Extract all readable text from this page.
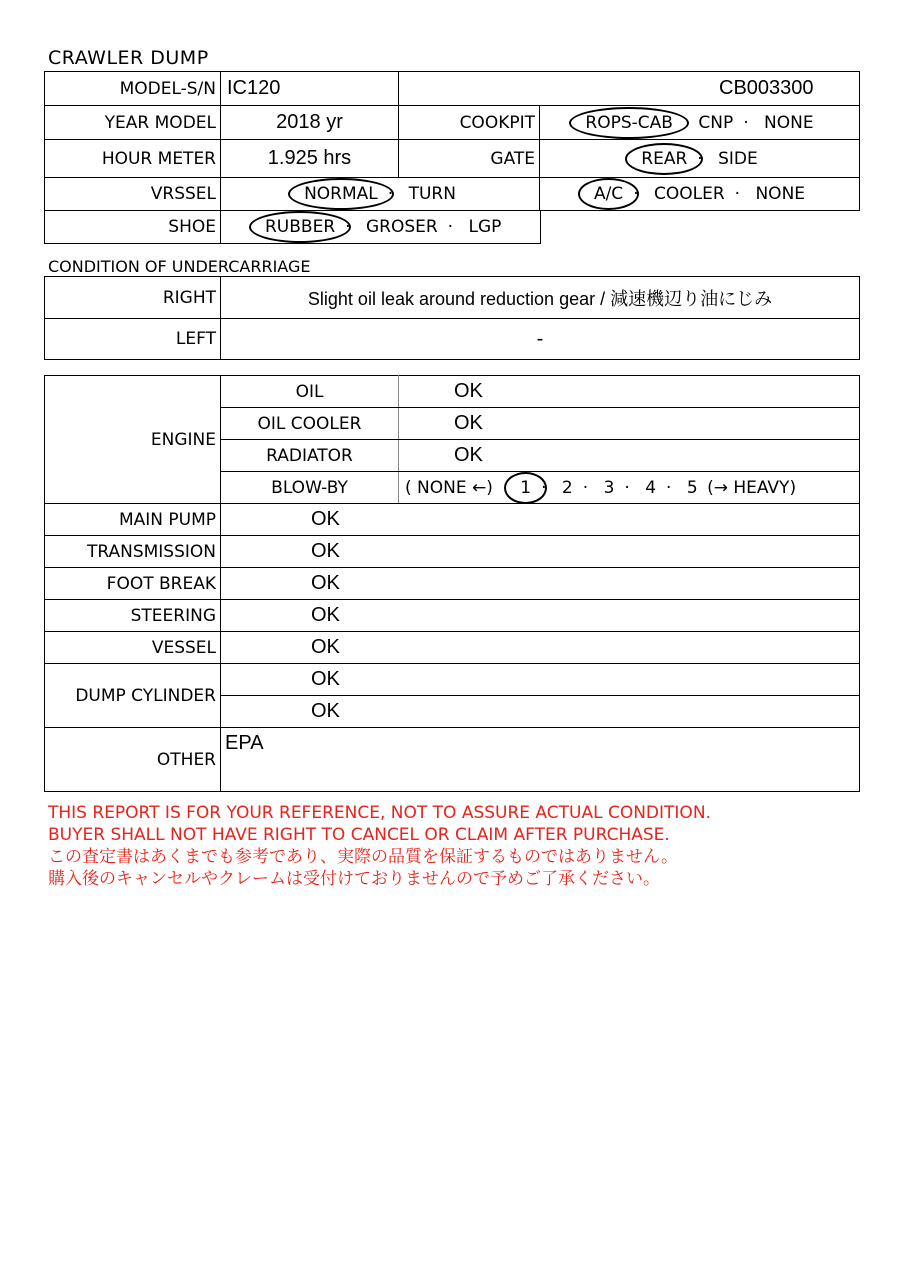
CRAWLER DUMP
MODEL-S/N	IC120	CB003300	
YEAR MODEL	2018 yr	COOKPIT	ROPS-CAB CNP · NONE
HOUR METER	1.925 hrs	GATE	REAR · SIDE
VRSSEL	NORMAL · TURN		A/C · COOLER · NONE
SHOE	RUBBER · GROSER · LGP
CONDITION OF UNDERCARRIAGE
RIGHT	Slight oil leak around reduction gear / 減速機辺り油にじみ
LEFT	-
ENGINE	OIL	OK
	OIL COOLER	OK
	RADIATOR	OK
	BLOW-BY	( NONE ←) 1 · 2 · 3 · 4 · 5 (→ HEAVY)
MAIN PUMP	OK	
TRANSMISSION	OK	
FOOT BREAK	OK	
STEERING	OK	
VESSEL	OK	
DUMP CYLINDER	OK	
	OK	
OTHER	EPA	
THIS REPORT IS FOR YOUR REFERENCE, NOT TO ASSURE ACTUAL CONDITION.
BUYER SHALL NOT HAVE RIGHT TO CANCEL OR CLAIM AFTER PURCHASE.
この査定書はあくまでも参考であり、実際の品質を保証するものではありません。
購入後のキャンセルやクレームは受付けておりませんので予めご了承ください。
